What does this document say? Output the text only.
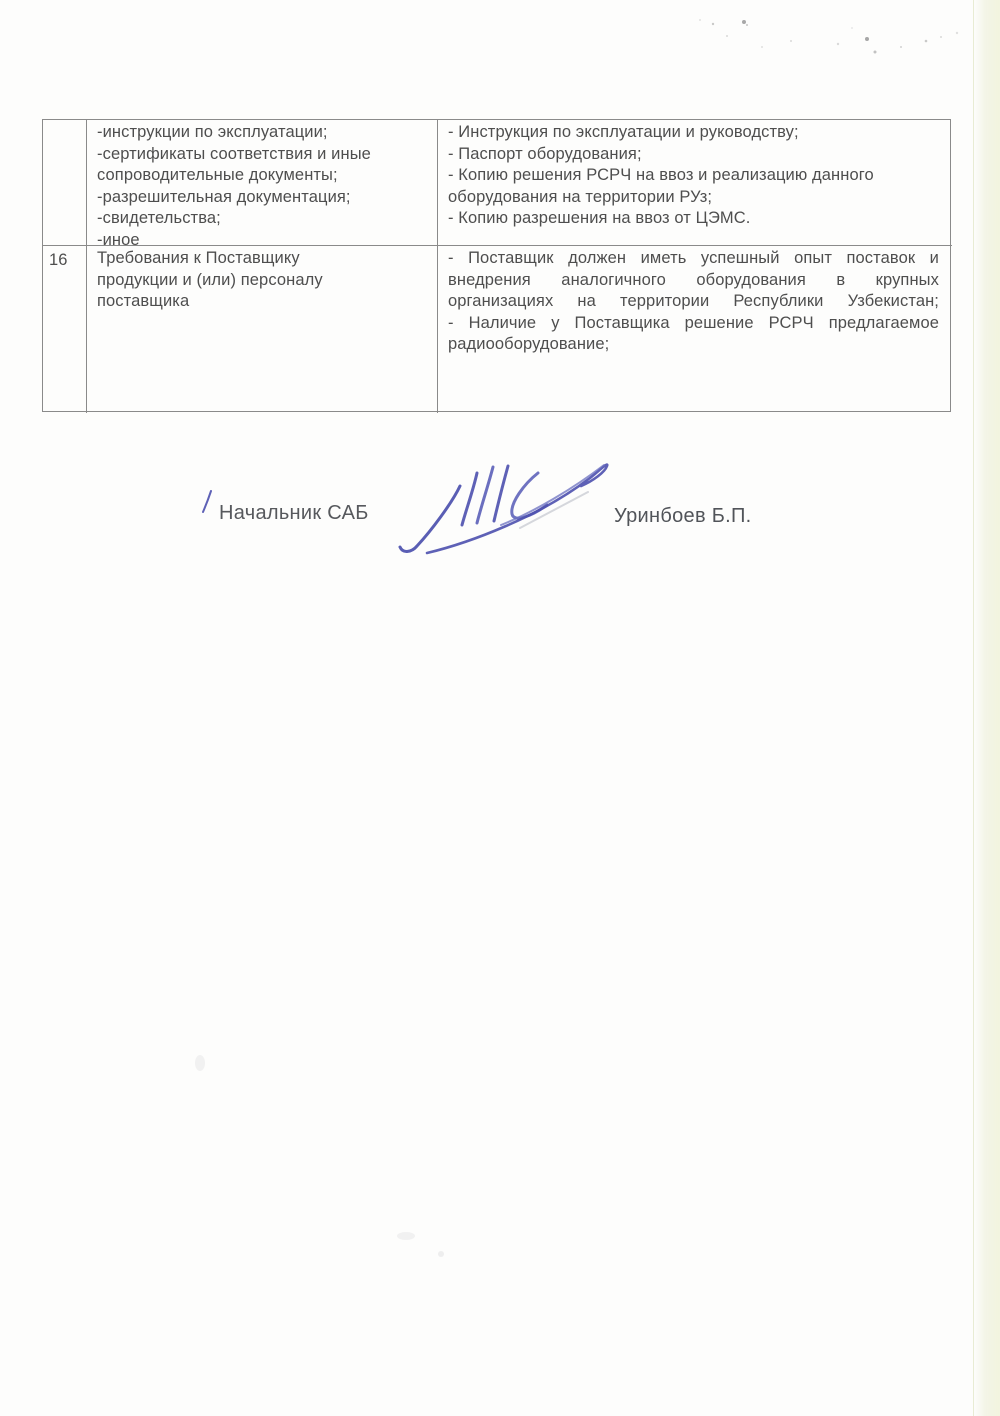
-инструкции по эксплуатации;
-сертификаты соответствия и иные
сопроводительные документы;
-разрешительная документация;
-свидетельства;
-иное
- Инструкция по эксплуатации и руководству;
- Паспорт оборудования;
- Копию решения РСРЧ на ввоз и реализацию данного
оборудования на территории РУз;
- Копию разрешения на ввоз от ЦЭМС.
16	Требования к Поставщику
продукции и (или) персоналу
поставщика
- Поставщик должен иметь успешный опыт поставок и
внедрения аналогичного оборудования в крупных
организациях на территории Республики Узбекистан;
- Наличие у Поставщика решение РСРЧ предлагаемое
радиооборудование;
Начальник САБ	Уринбоев Б.П.
